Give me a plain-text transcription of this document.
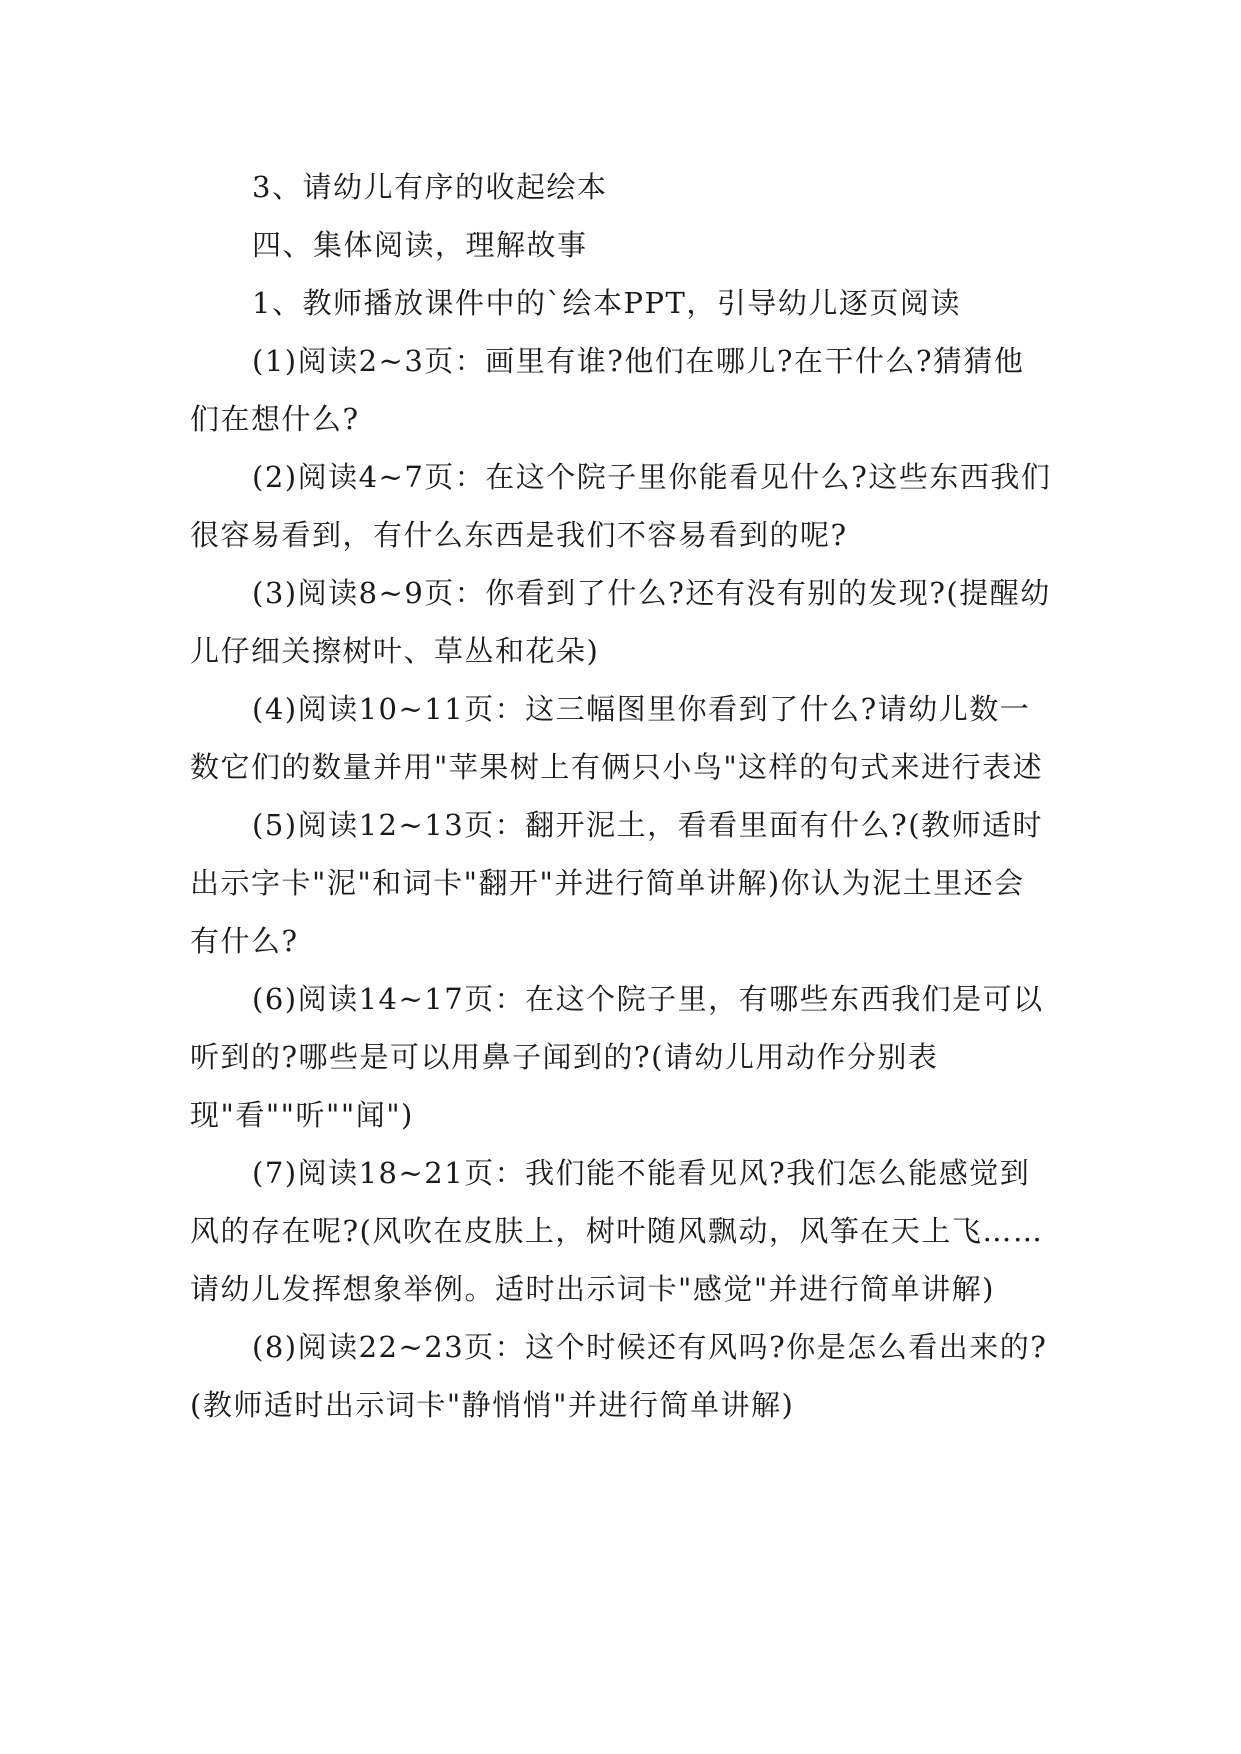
3、请幼儿有序的收起绘本

四、集体阅读，理解故事

1、教师播放课件中的`绘本PPT，引导幼儿逐页阅读

(1)阅读2~3页：画里有谁?他们在哪儿?在干什么?猜猜他们在想什么?

(2)阅读4~7页：在这个院子里你能看见什么?这些东西我们很容易看到，有什么东西是我们不容易看到的呢?

(3)阅读8~9页：你看到了什么?还有没有别的发现?(提醒幼儿仔细关擦树叶、草丛和花朵)

(4)阅读10~11页：这三幅图里你看到了什么?请幼儿数一数它们的数量并用"苹果树上有俩只小鸟"这样的句式来进行表述

(5)阅读12~13页：翻开泥土，看看里面有什么?(教师适时出示字卡"泥"和词卡"翻开"并进行简单讲解)你认为泥土里还会有什么?

(6)阅读14~17页：在这个院子里，有哪些东西我们是可以听到的?哪些是可以用鼻子闻到的?(请幼儿用动作分别表现"看""听""闻")

(7)阅读18~21页：我们能不能看见风?我们怎么能感觉到风的存在呢?(风吹在皮肤上，树叶随风飘动，风筝在天上飞……请幼儿发挥想象举例。适时出示词卡"感觉"并进行简单讲解)

(8)阅读22~23页：这个时候还有风吗?你是怎么看出来的?(教师适时出示词卡"静悄悄"并进行简单讲解)
